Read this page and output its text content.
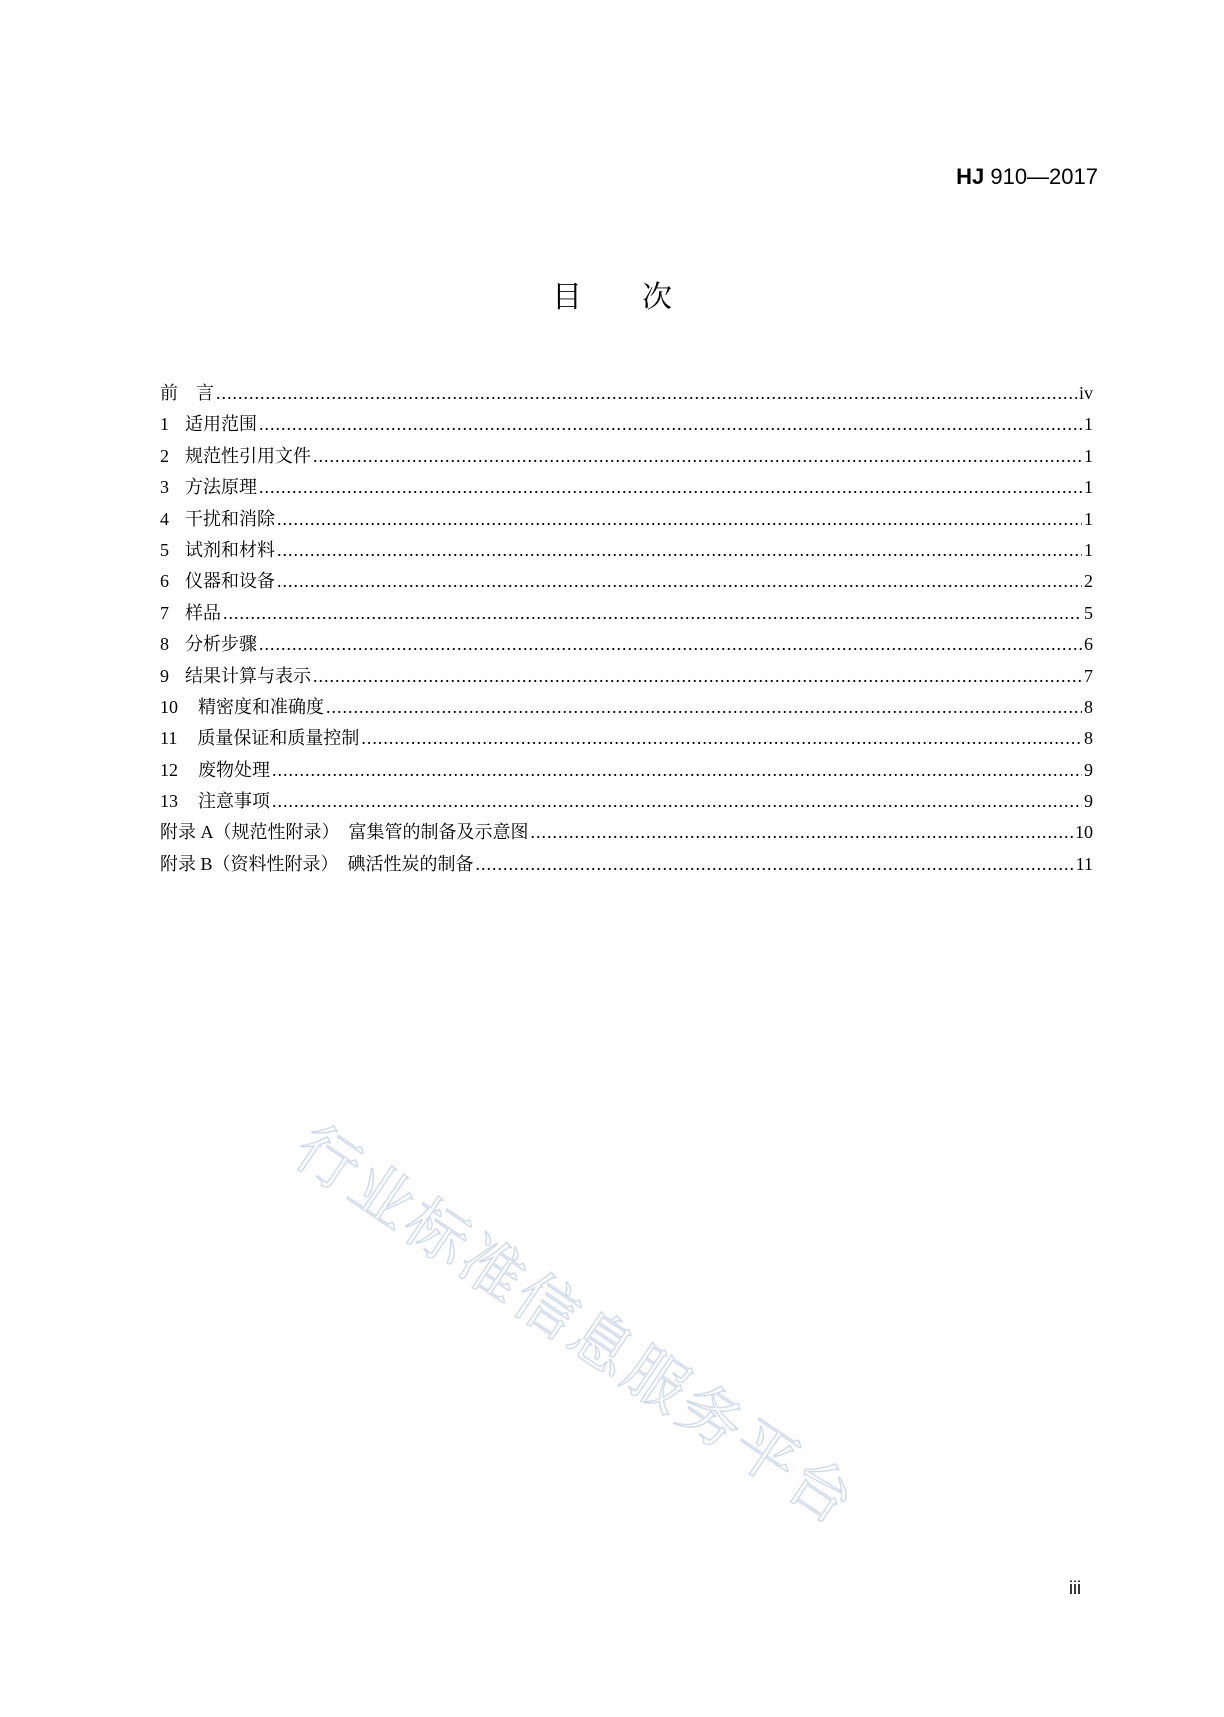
HJ 910—2017
目次
前　言 .....	iv
1 适用范围 .....	1
2 规范性引用文件 .....	1
3 方法原理 .....	1
4 干扰和消除 .....	1
5 试剂和材料 .....	1
6 仪器和设备 .....	2
7 样品 .....	5
8 分析步骤 .....	6
9 结果计算与表示 .....	7
10 精密度和准确度 .....	8
11 质量保证和质量控制 .....	8
12 废物处理 .....	9
13 注意事项 .....	9
附录 A（规范性附录）　富集管的制备及示意图 .....	10
附录 B（资料性附录）　碘活性炭的制备 .....	11
行业标准信息服务平台
iii
